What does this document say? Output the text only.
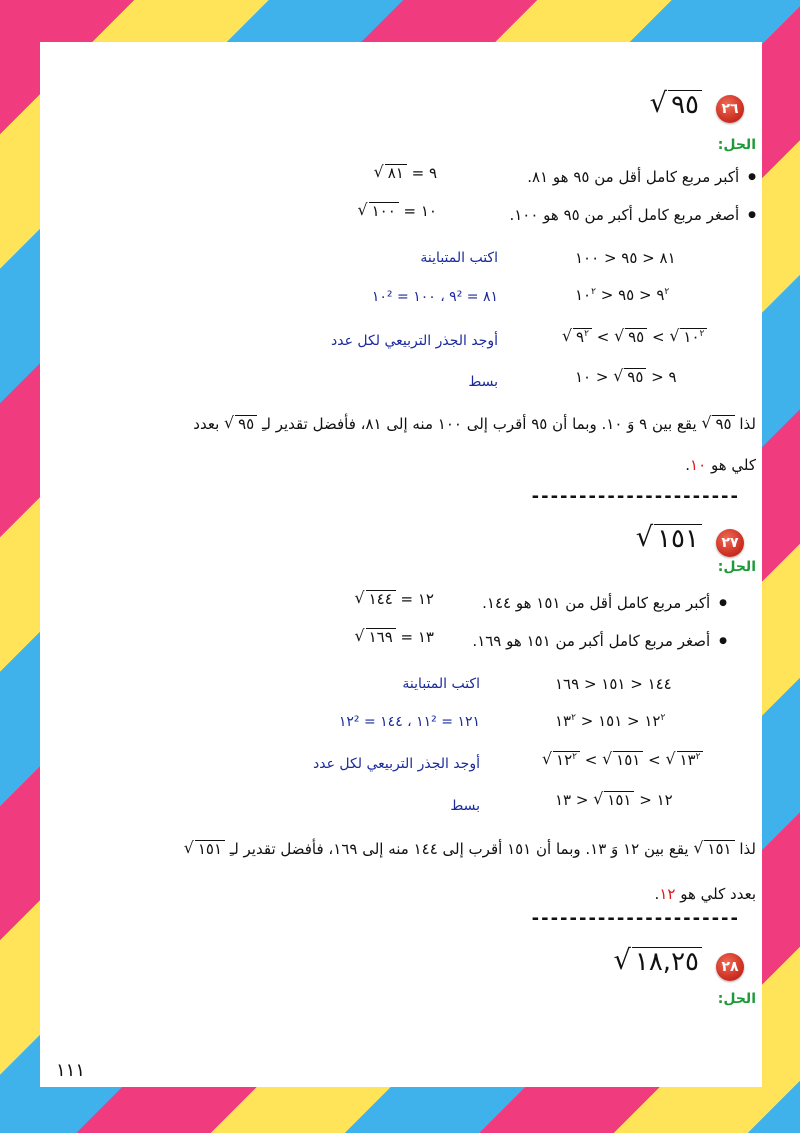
٢٦
√ ٩٥
الحل:
● أكبر مربع كامل أقل من ٩٥ هو ٨١.
√ ٨١ = ٩
● أصغر مربع كامل أكبر من ٩٥ هو ١٠٠.
√ ١٠٠ = ١٠
٨١ < ٩٥ < ١٠٠
اكتب المتباينة
$٩^٢$ < ٩٥ < $١٠^٢$
٨١ = ٩² ، ١٠٠ = ١٠²
√ $٩^٢$ < √ ٩٥ < √ $١٠^٢$
أوجد الجذر التربيعي لكل عدد
٩ <
√ ٩٥
< ١٠
بسط
لذا
√ ٩٥
يقع بين ٩ وَ ١٠. وبما أن ٩٥ أقرب إلى ١٠٠ منه إلى ٨١، فأفضل تقدير لـِ
√ ٩٥
بعدد
كلي هو ١٠.
----------------------
٢٧
√ ١٥١
الحل:
● أكبر مربع كامل أقل من ١٥١ هو ١٤٤.
√ ١٤٤ = ١٢
● أصغر مربع كامل أكبر من ١٥١ هو ١٦٩.
√ ١٦٩ = ١٣
١٤٤ < ١٥١ < ١٦٩
اكتب المتباينة
$١٢^٢$ < ١٥١ < $١٣^٢$
١٢١ = ١١² ، ١٤٤ = ١٢²
√ $١٢^٢$ < √ ١٥١ < √ $١٣^٢$
أوجد الجذر التربيعي لكل عدد
١٢ <
√ ١٥١
< ١٣
بسط
لذا
√ ١٥١
يقع بين ١٢ وَ ١٣. وبما أن ١٥١ أقرب إلى ١٤٤ منه إلى ١٦٩، فأفضل تقدير لـِ
√ ١٥١
بعدد كلي هو ١٢.
----------------------
٢٨
√ ١٨,٢٥
الحل:
١١١
